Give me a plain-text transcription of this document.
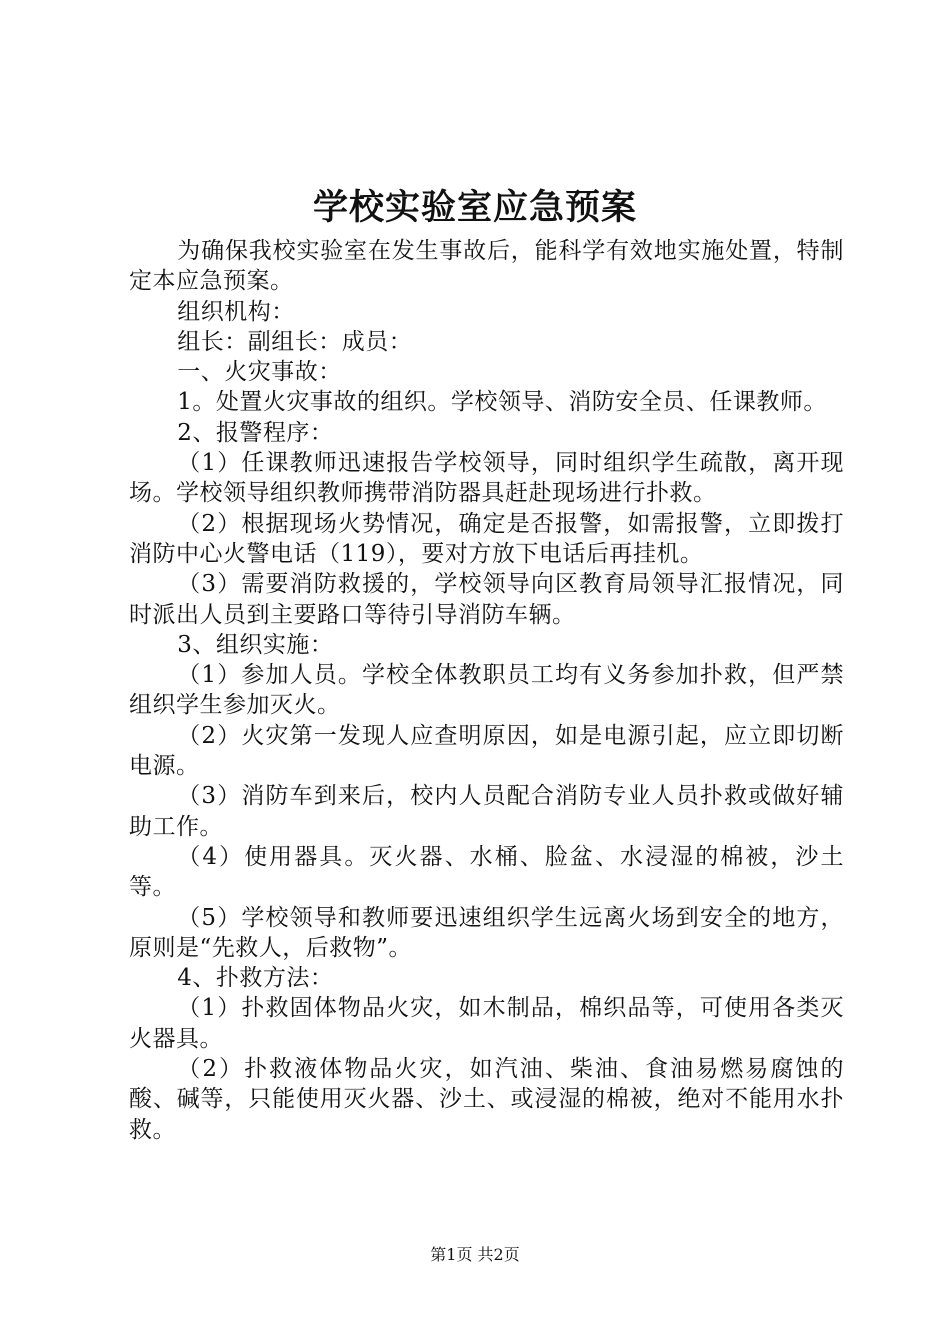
学校实验室应急预案

为确保我校实验室在发生事故后，能科学有效地实施处置，特制定本应急预案。

组织机构：

组长：副组长：成员：

一、火灾事故：

1。处置火灾事故的组织。学校领导、消防安全员、任课教师。

2、报警程序：

（1）任课教师迅速报告学校领导，同时组织学生疏散，离开现场。学校领导组织教师携带消防器具赶赴现场进行扑救。

（2）根据现场火势情况，确定是否报警，如需报警，立即拨打消防中心火警电话（119），要对方放下电话后再挂机。

（3）需要消防救援的，学校领导向区教育局领导汇报情况，同时派出人员到主要路口等待引导消防车辆。

3、组织实施：

（1）参加人员。学校全体教职员工均有义务参加扑救，但严禁组织学生参加灭火。

（2）火灾第一发现人应查明原因，如是电源引起，应立即切断电源。

（3）消防车到来后，校内人员配合消防专业人员扑救或做好辅助工作。

（4）使用器具。灭火器、水桶、脸盆、水浸湿的棉被，沙土等。

（5）学校领导和教师要迅速组织学生远离火场到安全的地方，原则是“先救人，后救物”。

4、扑救方法：

（1）扑救固体物品火灾，如木制品，棉织品等，可使用各类灭火器具。

（2）扑救液体物品火灾，如汽油、柴油、食油易燃易腐蚀的酸、碱等，只能使用灭火器、沙土、或浸湿的棉被，绝对不能用水扑救。

第1页 共2页
